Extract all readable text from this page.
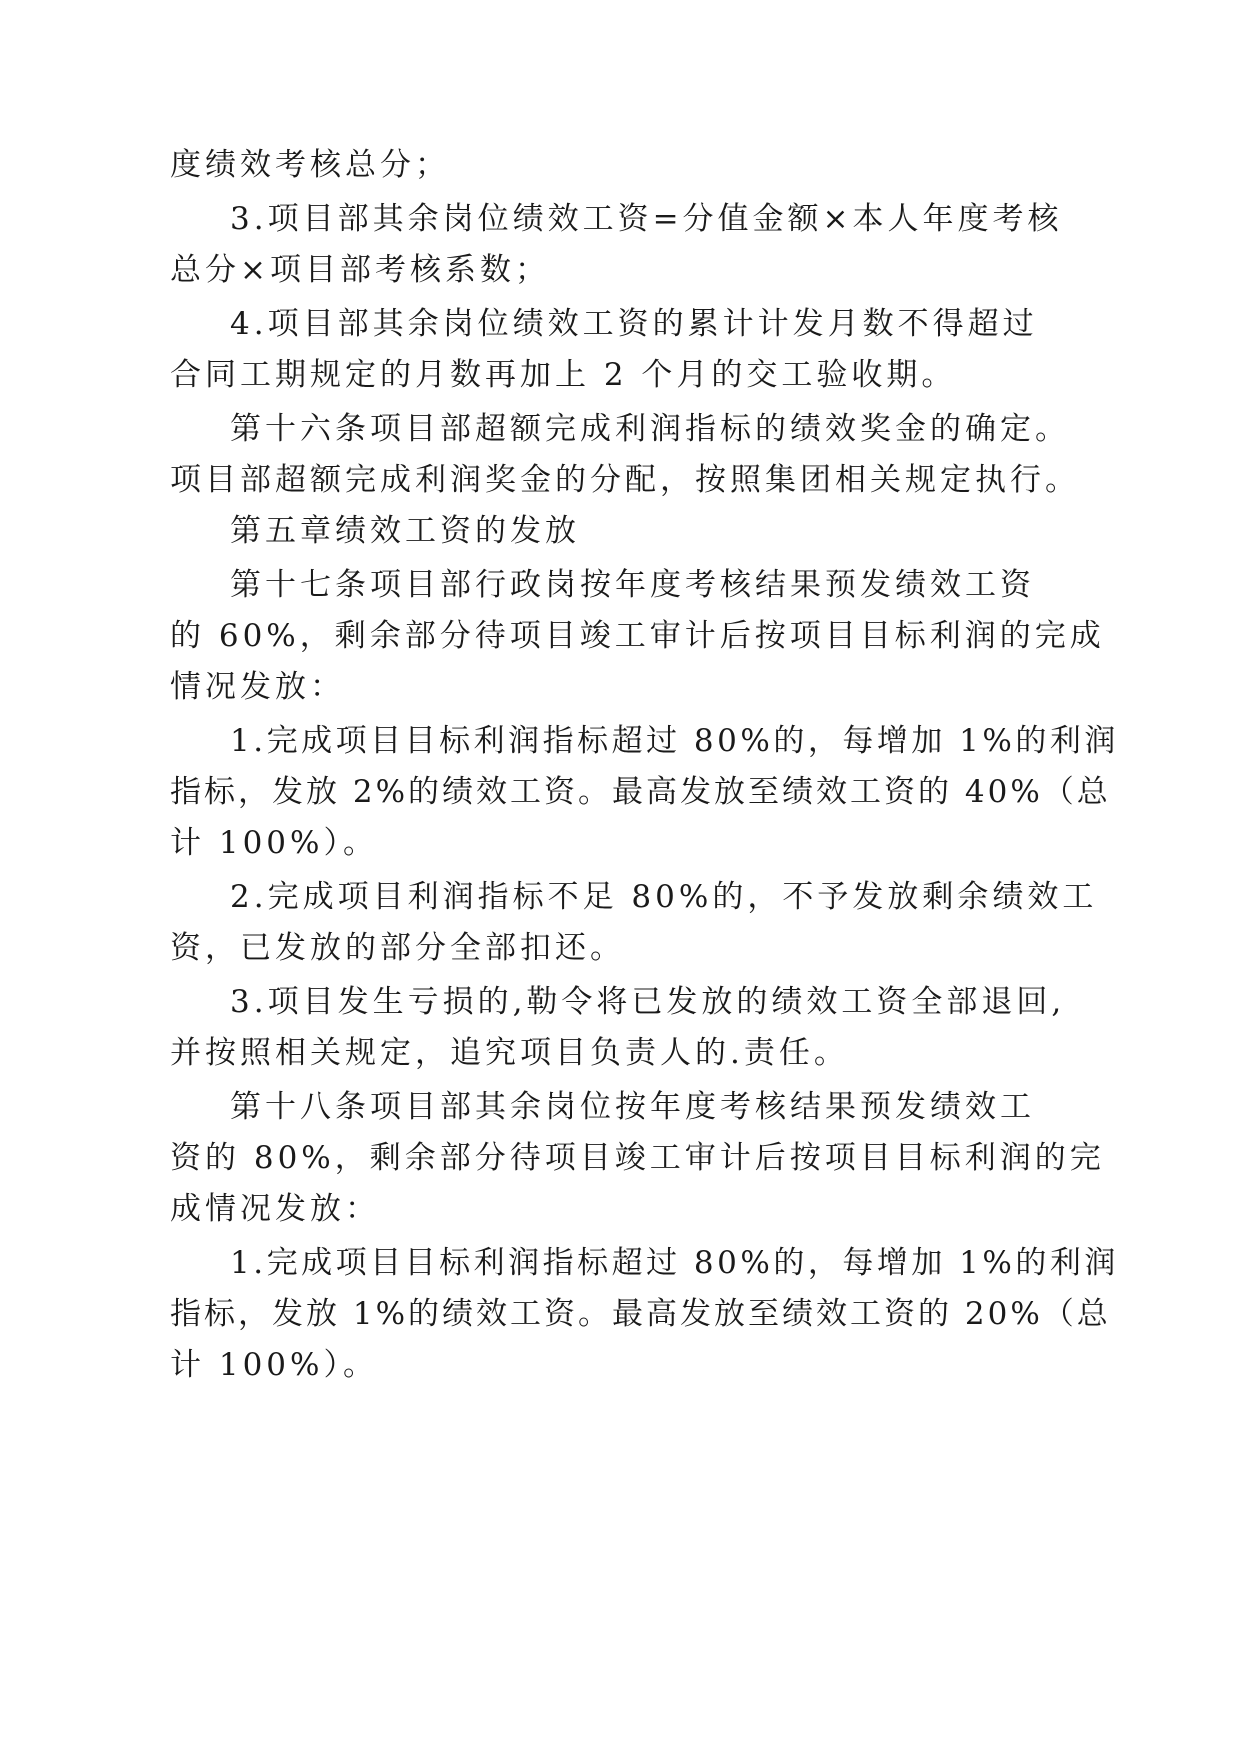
度绩效考核总分；
3.项目部其余岗位绩效工资=分值金额×本人年度考核
总分×项目部考核系数；
4.项目部其余岗位绩效工资的累计计发月数不得超过
合同工期规定的月数再加上 2 个月的交工验收期。
第十六条项目部超额完成利润指标的绩效奖金的确定。
项目部超额完成利润奖金的分配，按照集团相关规定执行。
第五章绩效工资的发放
第十七条项目部行政岗按年度考核结果预发绩效工资
的 60%，剩余部分待项目竣工审计后按项目目标利润的完成
情况发放：
1.完成项目目标利润指标超过 80%的，每增加 1%的利润
指标，发放 2%的绩效工资。最高发放至绩效工资的 40%（总
计 100%）。
2.完成项目利润指标不足 80%的，不予发放剩余绩效工
资，已发放的部分全部扣还。
3.项目发生亏损的,勒令将已发放的绩效工资全部退回,
并按照相关规定，追究项目负责人的.责任。
第十八条项目部其余岗位按年度考核结果预发绩效工
资的 80%，剩余部分待项目竣工审计后按项目目标利润的完
成情况发放：
1.完成项目目标利润指标超过 80%的，每增加 1%的利润
指标，发放 1%的绩效工资。最高发放至绩效工资的 20%（总
计 100%）。
